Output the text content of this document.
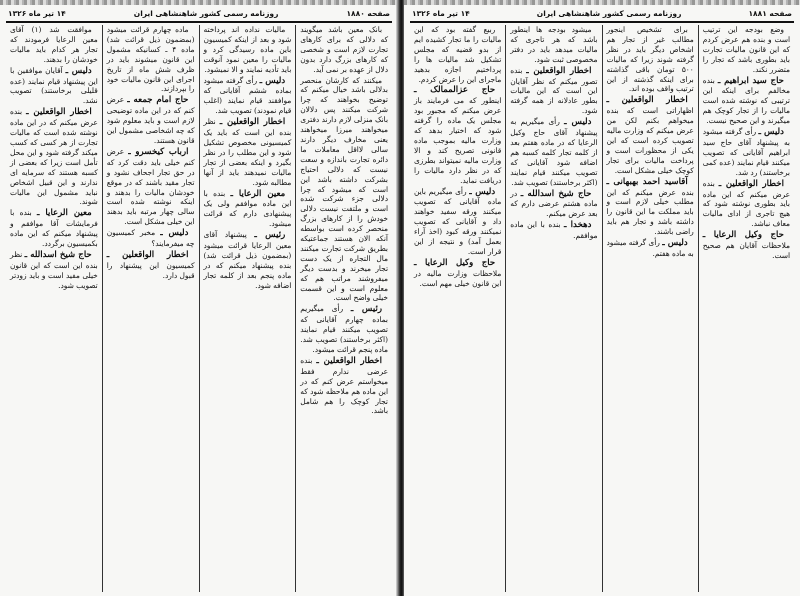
صفحه ۱۸۸۰
روزنامه رسمی کشور شاهنشاهی ایران
۱۴ تیر ماه ۱۳۲۶

بانک معین باشد میگویند که دلالی که برای کارهای تجارت لازم است و شخصی که کارهای بزرگ دارد بدون دلال از عهده بر نمی آید.

میکنند که کارشان منحصر بدلالی باشد خیال میکنم که توضیح بخواهند که چرا شرکت میکنند پس دلالان بانک منزلی لازم دارند دفتری میخواهند میرزا میخواهند یعنی مخارف دیگر دارند سالی لااقل معاملات ما دائره تجارت باندازه و سعت نیست که دلالی احتیاج بشرکت داشته باشد این است که میشود که چرا دلالی جزء شرکت شده است و ملتفت نیست دلالی خودش را از کارهای بزرگ منحصر کرده است بواسطه آنکه الان هستند جماعتیکه بطریق شرکت تجارت میکنند مال التجاره از یک دست تجار میخرند و بدست دیگر میفروشند مراتب هم که معلوم است و این قسمت خیلی واضح است.

رئیس ـ رأی میگیریم بماده چهارم آقایانی که تصویب میکنند قیام نمایند (اکثر برخاستند) تصویب شد. ماده پنجم قرائت میشود.

اخطار الواقعلین ـ بنده عرضی ندارم فقط میخواستم عرض کنم که در این ماده هم ملاحظه شود که تجار کوچک را هم شامل باشد.

مالیات نداده اند پرداخته شود و بعد از اینکه کمیسیون باین ماده رسیدگی کرد و مالیات را معین نمود آنوقت باید تأدیه نمایند و الا نمیشود.

دلیس ـ رأی گرفته میشود بماده ششم آقایانی که موافقند قیام نمایند (اغلب قیام نمودند) تصویب شد.

اخطار الواقعلین ـ نظر بنده این است که باید یک کمیسیونی مخصوص تشکیل شود و این مطلب را در نظر بگیرد و اینکه بعضی از تجار مالیات نمیدهند باید از آنها مطالبه شود.

معین الرعایا ـ بنده با این ماده موافقم ولی یک پیشنهادی دارم که قرائت میشود.

رئیس ـ پیشنهاد آقای معین الرعایا قرائت میشود (بمضمون ذیل قرائت شد) بنده پیشنهاد میکنم که در ماده پنجم بعد از کلمه تجار اضافه شود.

ماده چهارم قرائت میشود (بمضمون ذیل قرائت شد) ماده ۴ ـ کسانیکه مشمول این قانون میشوند باید در ظرف شش ماه از تاریخ اجرای این قانون مالیات خود را بپردازند.

حاج امام جمعه ـ عرض کنم که در این ماده توضیحی لازم است و باید معلوم شود که چه اشخاصی مشمول این قانون هستند.

ارباب کیخسرو ـ عرض کنم خیلی باید دقت کرد که در حق تجار اجحاف نشود و تجار مقید باشند که در موقع خودشان مالیات را بدهند و اینکه نوشته شده است سالی چهار مرتبه باید بدهند این خیلی مشکل است.

دلیس ـ مخبر کمیسیون چه میفرمایند؟

اخطار الواقعلین ـ کمیسیون این پیشنهاد را قبول دارد.

موافقت شد (۱) آقای معین الرعایا فرمودند که تجار هر کدام باید مالیات خودشان را بدهند.

دلیس ـ آقایان موافقین با این پیشنهاد قیام نمایند (عده قلیلی برخاستند) تصویب نشد.

اخطار الواقعلین ـ بنده عرض میکنم که در این ماده نوشته شده است که مالیات تجارت از هر کسی که کسب میکند گرفته شود و این محل تأمل است زیرا که بعضی از کسبه هستند که سرمایه ای ندارند و این قبیل اشخاص نباید مشمول این مالیات شوند.

معین الرعایا ـ بنده با فرمایشات آقا موافقم و پیشنهاد میکنم که این ماده بکمیسیون برگردد.

حاج شیخ اسدالله ـ نظر بنده این است که این قانون خیلی مفید است و باید زودتر تصویب شود.

صفحه ۱۸۸۱
روزنامه رسمی کشور شاهنشاهی ایران
۱۴ تیر ماه ۱۳۲۶

وضع بودجه این ترتیب است و بنده هم عرض کردم که این قانون مالیات تجارت باید بطوری باشد که تجار را متضرر نکند.

حاج سید ابراهیم ـ بنده مخالفم برای اینکه این ترتیبی که نوشته شده است مالیات را از تجار کوچک هم میگیرند و این صحیح نیست.

دلیس ـ رأی گرفته میشود به پیشنهاد آقای حاج سید ابراهیم آقایانی که تصویب میکنند قیام نمایند (عده کمی برخاستند) رد شد.

اخطار الواقعلین ـ بنده عرض میکنم که این ماده باید بطوری نوشته شود که هیچ تاجری از ادای مالیات معاف نباشد.

حاج وکیل الرعایا ـ ملاحظات آقایان هم صحیح است.

برای تشخیص اینجور مطالب غیر از تجار هم اشخاص دیگر باید در نظر گرفته شوند زیرا که مالیات ۵۰۰ تومان باقی گذاشته برای اینکه گذشته از این ترتیب واقف بوده اند.

اخطار الواقعلین ـ اظهاراتی است که بنده میخواهم بکنم لکن من عرض میکنم که وزارت مالیه تصویب کرده است که این یکی از محظورات است و پرداخت مالیات برای تجار کوچک خیلی مشکل است.

آقاسید احمد بهبهانی ـ بنده عرض میکنم که این مطلب خیلی لازم است و باید مملکت ما این قانون را داشته باشد و تجار هم باید راضی باشند.

دلیس ـ رأی گرفته میشود به ماده هفتم.

میشود بودجه ها اینطور باشد که هر تاجری که مالیات میدهد باید در دفتر مخصوصی ثبت شود.

اخطار الواقعلین ـ بنده تصور میکنم که نظر آقایان این است که این مالیات بطور عادلانه از همه گرفته شود.

دلیس ـ رأی میگیریم به پیشنهاد آقای حاج وکیل الرعایا که در ماده هفتم بعد از کلمه تجار کلمه کسبه هم اضافه شود آقایانی که تصویب میکنند قیام نمایند (اکثر برخاستند) تصویب شد.

حاج شیخ اسدالله ـ در ماده هشتم عرضی دارم که بعد عرض میکنم.

دهخدا ـ بنده با این ماده موافقم.

ربیع گفته بود که این مالیات را ما تجار کشیده ایم از بدو قضیه که مجلس تشکیل شد مالیات ها را پرداختیم اجازه بدهید ماجرای این را عرض کردم.

حاج عزالممالک ـ اینطور که می فرمایند باز عرض میکنم که مجبور بود مجلس یک ماده را گرفته شود که اختیار بدهد که وزارت مالیه بموجب ماده قانونی تصریح کند و الا وزارت مالیه نمیتواند بطرزی که در نظر دارد مالیات را دریافت نماید.

دلیس ـ رأی میگیریم باین ماده آقایانی که تصویب میکنند ورقه سفید خواهند داد و آقایانی که تصویب نمیکنند ورقه کبود (اخذ آراء بعمل آمد) و نتیجه از این قرار است.

حاج وکیل الرعایا ـ ملاحظات وزارت مالیه در این قانون خیلی مهم است.
